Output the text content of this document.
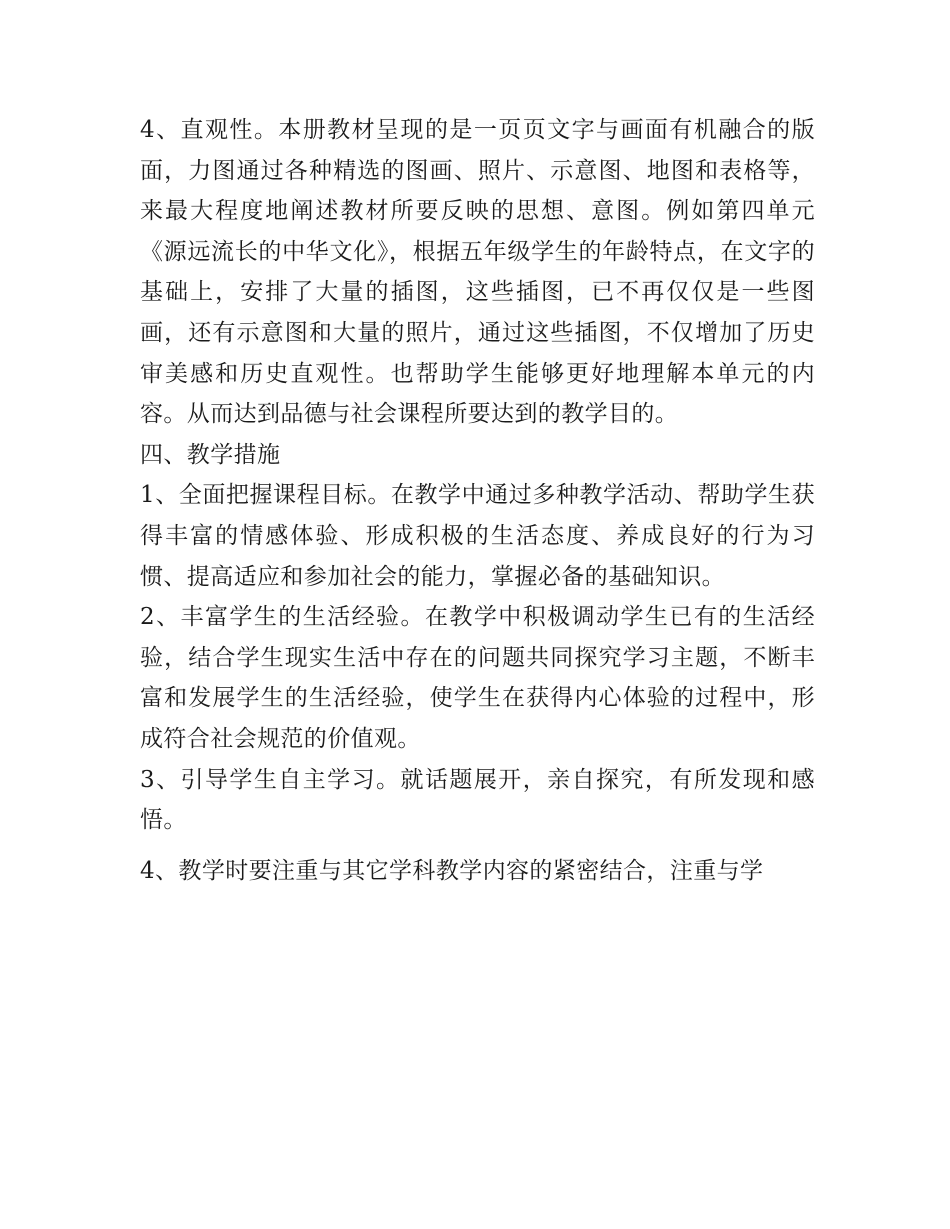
4、直观性。本册教材呈现的是一页页文字与画面有机融合的版面，力图通过各种精选的图画、照片、示意图、地图和表格等，来最大程度地阐述教材所要反映的思想、意图。例如第四单元《源远流长的中华文化》，根据五年级学生的年龄特点，在文字的基础上，安排了大量的插图，这些插图，已不再仅仅是一些图画，还有示意图和大量的照片，通过这些插图，不仅增加了历史审美感和历史直观性。也帮助学生能够更好地理解本单元的内容。从而达到品德与社会课程所要达到的教学目的。

四、教学措施

1、全面把握课程目标。在教学中通过多种教学活动、帮助学生获得丰富的情感体验、形成积极的生活态度、养成良好的行为习惯、提高适应和参加社会的能力，掌握必备的基础知识。

2、丰富学生的生活经验。在教学中积极调动学生已有的生活经验，结合学生现实生活中存在的问题共同探究学习主题，不断丰富和发展学生的生活经验，使学生在获得内心体验的过程中，形成符合社会规范的价值观。

3、引导学生自主学习。就话题展开，亲自探究，有所发现和感悟。

4、教学时要注重与其它学科教学内容的紧密结合，注重与学
